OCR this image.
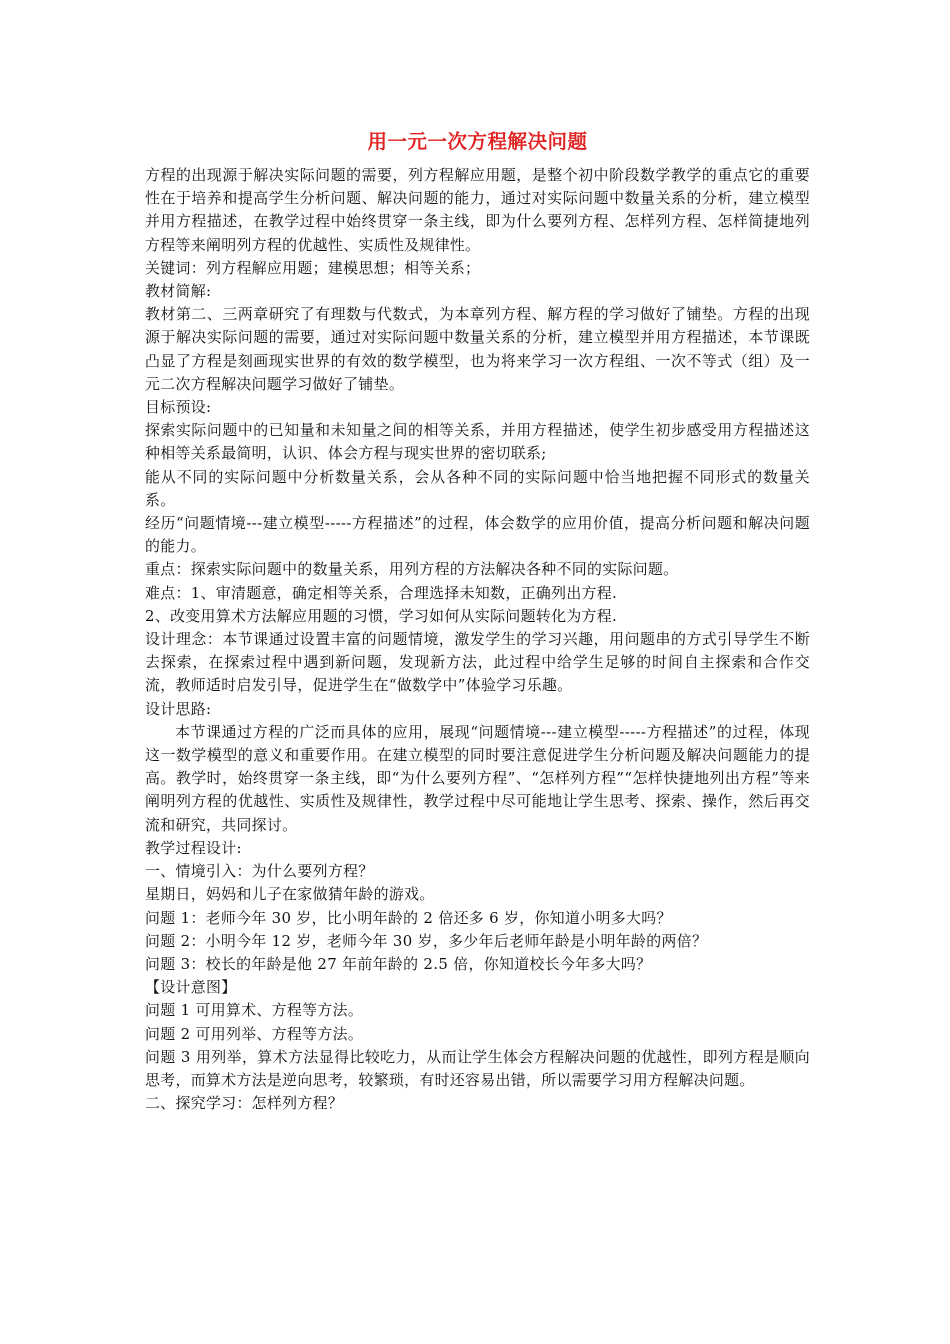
用一元一次方程解决问题

方程的出现源于解决实际问题的需要，列方程解应用题，是整个初中阶段数学教学的重点它的重要性在于培养和提高学生分析问题、解决问题的能力，通过对实际问题中数量关系的分析，建立模型并用方程描述，在教学过程中始终贯穿一条主线，即为什么要列方程、怎样列方程、怎样简捷地列方程等来阐明列方程的优越性、实质性及规律性。

关键词：列方程解应用题；建模思想；相等关系；

教材简解:

教材第二、三两章研究了有理数与代数式，为本章列方程、解方程的学习做好了铺垫。方程的出现源于解决实际问题的需要，通过对实际问题中数量关系的分析，建立模型并用方程描述，本节课既凸显了方程是刻画现实世界的有效的数学模型，也为将来学习一次方程组、一次不等式（组）及一元二次方程解决问题学习做好了铺垫。

目标预设:

探索实际问题中的已知量和未知量之间的相等关系，并用方程描述，使学生初步感受用方程描述这种相等关系最简明，认识、体会方程与现实世界的密切联系;

能从不同的实际问题中分析数量关系，会从各种不同的实际问题中恰当地把握不同形式的数量关系。

经历“问题情境---建立模型-----方程描述”的过程，体会数学的应用价值，提高分析问题和解决问题的能力。

重点：探索实际问题中的数量关系，用列方程的方法解决各种不同的实际问题。

难点：1、审清题意，确定相等关系，合理选择未知数，正确列出方程.

2、改变用算术方法解应用题的习惯，学习如何从实际问题转化为方程.

设计理念：本节课通过设置丰富的问题情境，激发学生的学习兴趣，用问题串的方式引导学生不断去探索，在探索过程中遇到新问题，发现新方法，此过程中给学生足够的时间自主探索和合作交流，教师适时启发引导，促进学生在“做数学中”体验学习乐趣。

设计思路:

本节课通过方程的广泛而具体的应用，展现“问题情境---建立模型-----方程描述”的过程，体现这一数学模型的意义和重要作用。在建立模型的同时要注意促进学生分析问题及解决问题能力的提高。教学时，始终贯穿一条主线，即“为什么要列方程”、“怎样列方程”“怎样快捷地列出方程”等来阐明列方程的优越性、实质性及规律性，教学过程中尽可能地让学生思考、探索、操作，然后再交流和研究，共同探讨。

教学过程设计:

一、情境引入：为什么要列方程？

星期日，妈妈和儿子在家做猜年龄的游戏。

问题 1：老师今年 30 岁，比小明年龄的 2 倍还多 6 岁，你知道小明多大吗？

问题 2：小明今年 12 岁，老师今年 30 岁，多少年后老师年龄是小明年龄的两倍？

问题 3：校长的年龄是他 27 年前年龄的 2.5 倍，你知道校长今年多大吗？

【设计意图】

问题 1 可用算术、方程等方法。

问题 2 可用列举、方程等方法。

问题 3 用列举，算术方法显得比较吃力，从而让学生体会方程解决问题的优越性，即列方程是顺向思考，而算术方法是逆向思考，较繁琐，有时还容易出错，所以需要学习用方程解决问题。

二、探究学习：怎样列方程？
